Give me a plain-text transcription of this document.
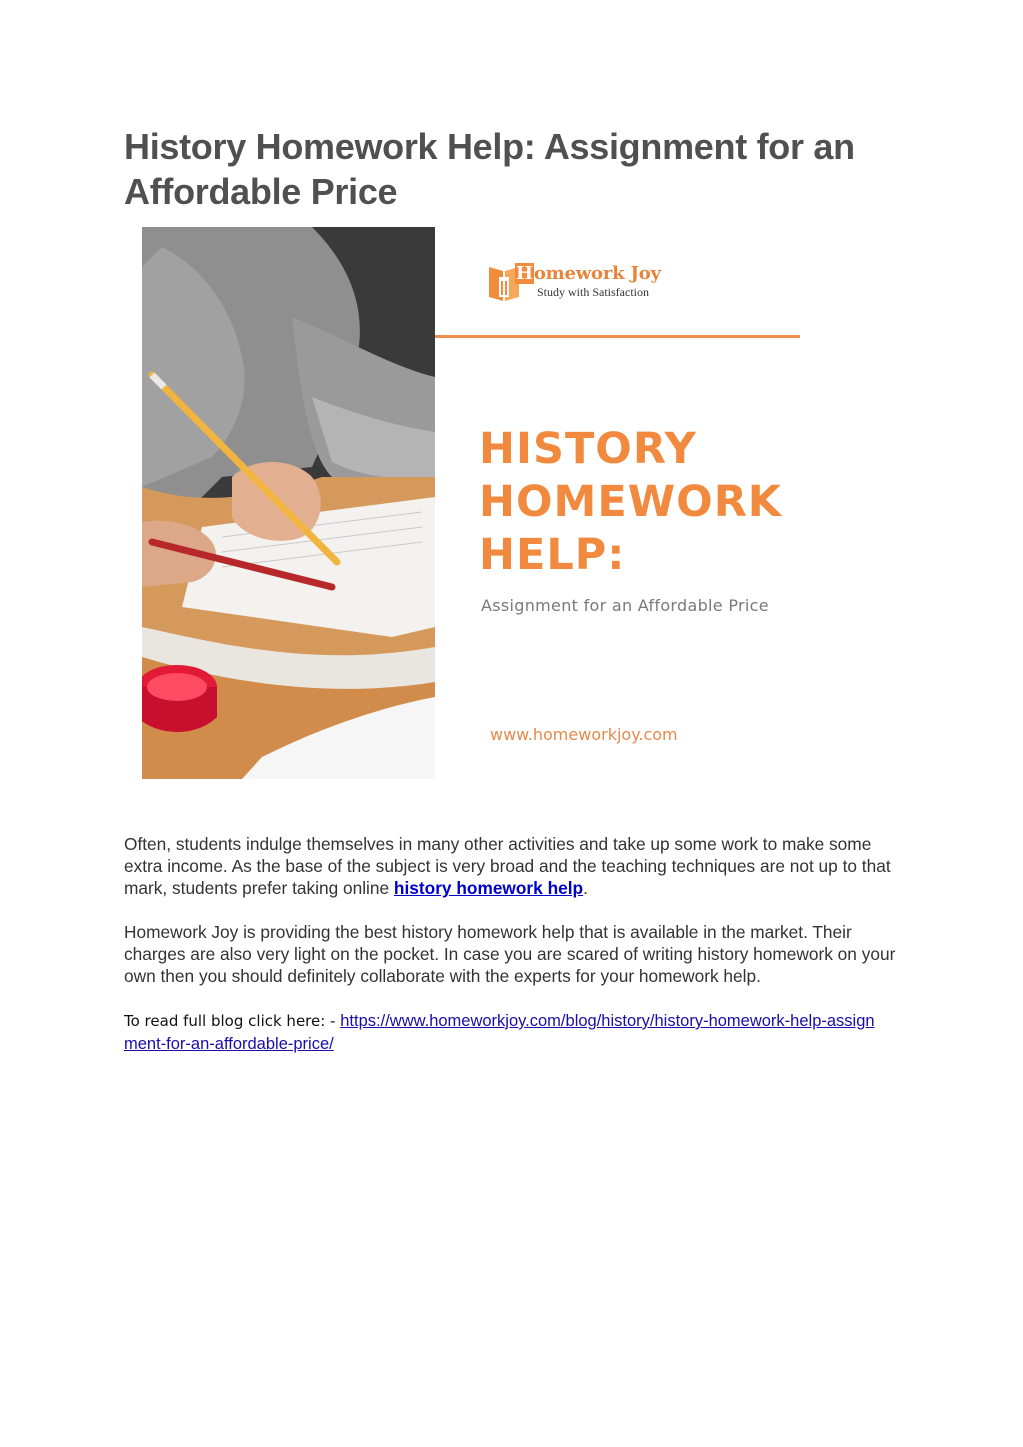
History Homework Help: Assignment for an Affordable Price
Homework Joy
Study with Satisfaction
HISTORY
HOMEWORK
HELP:
Assignment for an Affordable Price
www.homeworkjoy.com

Often, students indulge themselves in many other activities and take up some work to make some extra income. As the base of the subject is very broad and the teaching techniques are not up to that mark, students prefer taking online history homework help.

Homework Joy is providing the best history homework help that is available in the market. Their charges are also very light on the pocket. In case you are scared of writing history homework on your own then you should definitely collaborate with the experts for your homework help.

To read full blog click here: - https://www.homeworkjoy.com/blog/history/history-homework-help-assignment-for-an-affordable-price/
